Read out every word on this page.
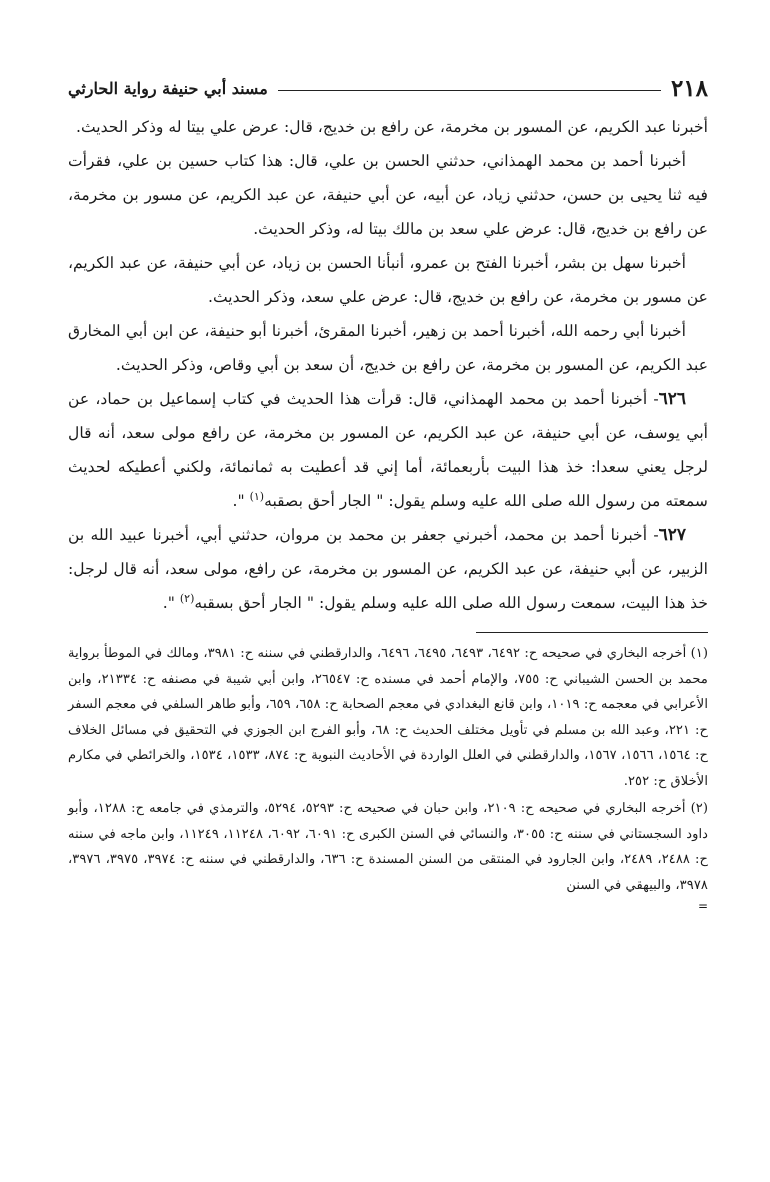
٢١٨
مسند أبي حنيفة رواية الحارثي

أخبرنا عبد الكريم، عن المسور بن مخرمة، عن رافع بن خديج، قال: عرض علي بيتا له وذكر الحديث.

أخبرنا أحمد بن محمد الهمذاني، حدثني الحسن بن علي، قال: هذا كتاب حسين بن علي، فقرأت فيه ثنا يحيى بن حسن، حدثني زياد، عن أبيه، عن أبي حنيفة، عن عبد الكريم، عن مسور بن مخرمة، عن رافع بن خديج، قال: عرض علي سعد بن مالك بيتا له، وذكر الحديث.

أخبرنا سهل بن بشر، أخبرنا الفتح بن عمرو، أنبأنا الحسن بن زياد، عن أبي حنيفة، عن عبد الكريم، عن مسور بن مخرمة، عن رافع بن خديج، قال: عرض علي سعد، وذكر الحديث.

أخبرنا أبي رحمه الله، أخبرنا أحمد بن زهير، أخبرنا المقرئ، أخبرنا أبو حنيفة، عن ابن أبي المخارق عبد الكريم، عن المسور بن مخرمة، عن رافع بن خديج، أن سعد بن أبي وقاص، وذكر الحديث.

٦٢٦- أخبرنا أحمد بن محمد الهمذاني، قال: قرأت هذا الحديث في كتاب إسماعيل بن حماد، عن أبي يوسف، عن أبي حنيفة، عن عبد الكريم، عن المسور بن مخرمة، عن رافع مولى سعد، أنه قال لرجل يعني سعدا: خذ هذا البيت بأربعمائة، أما إني قد أعطيت به ثمانمائة، ولكني أعطيكه لحديث سمعته من رسول الله صلى الله عليه وسلم يقول: " الجار أحق بصقبه$^{(١)}$ ".

٦٢٧- أخبرنا أحمد بن محمد، أخبرني جعفر بن محمد بن مروان، حدثني أبي، أخبرنا عبيد الله بن الزبير، عن أبي حنيفة، عن عبد الكريم، عن المسور بن مخرمة، عن رافع، مولى سعد، أنه قال لرجل: خذ هذا البيت، سمعت رسول الله صلى الله عليه وسلم يقول: " الجار أحق بسقبه$^{(٢)}$ ".

(١) أخرجه البخاري في صحيحه ح: ٦٤٩٢، ٦٤٩٣، ٦٤٩٥، ٦٤٩٦، والدارقطني في سننه ح: ٣٩٨١، ومالك في الموطأ برواية محمد بن الحسن الشيباني ح: ٧٥٥، والإمام أحمد في مسنده ح: ٢٦٥٤٧، وابن أبي شيبة في مصنفه ح: ٢١٣٣٤، وابن الأعرابي في معجمه ح: ١٠١٩، وابن قانع البغدادي في معجم الصحابة ح: ٦٥٨، ٦٥٩، وأبو طاهر السلفي في معجم السفر ح: ٢٢١، وعبد الله بن مسلم في تأويل مختلف الحديث ح: ٦٨، وأبو الفرج ابن الجوزي في التحقيق في مسائل الخلاف ح: ١٥٦٤، ١٥٦٦، ١٥٦٧، والدارقطني في العلل الواردة في الأحاديث النبوية ح: ٨٧٤، ١٥٣٣، ١٥٣٤، والخرائطي في مكارم الأخلاق ح: ٢٥٢.

(٢) أخرجه البخاري في صحيحه ح: ٢١٠٩، وابن حبان في صحيحه ح: ٥٢٩٣، ٥٢٩٤، والترمذي في جامعه ح: ١٢٨٨، وأبو داود السجستاني في سننه ح: ٣٠٥٥، والنسائي في السنن الكبرى ح: ٦٠٩١، ٦٠٩٢، ١١٢٤٨، ١١٢٤٩، وابن ماجه في سننه ح: ٢٤٨٨، ٢٤٨٩، وابن الجارود في المنتقى من السنن المسندة ح: ٦٣٦، والدارقطني في سننه ح: ٣٩٧٤، ٣٩٧٥، ٣٩٧٦، ٣٩٧٨، والبيهقي في السنن

=
